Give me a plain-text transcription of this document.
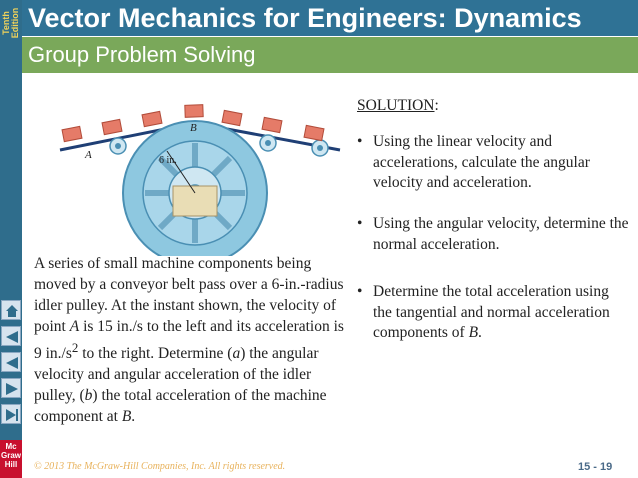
Tenth Edition
Mc
Graw
Hill
Vector Mechanics for Engineers: Dynamics
Group Problem Solving
A
B
6 in.
A series of small machine components being moved by a conveyor belt pass over a 6-in.-radius idler pulley. At the instant shown, the velocity of point A is 15 in./s to the left and its acceleration is 9 $in./s^2$ to the right. Determine (a) the angular velocity and angular acceleration of the idler pulley, (b) the total acceleration of the machine component at B.
SOLUTION:
• Using the linear velocity and accelerations, calculate the angular velocity and acceleration.
• Using the angular velocity, determine the normal acceleration.
• Determine the total acceleration using the tangential and normal acceleration components of B.
© 2013 The McGraw-Hill Companies, Inc. All rights reserved.	15 - 19
